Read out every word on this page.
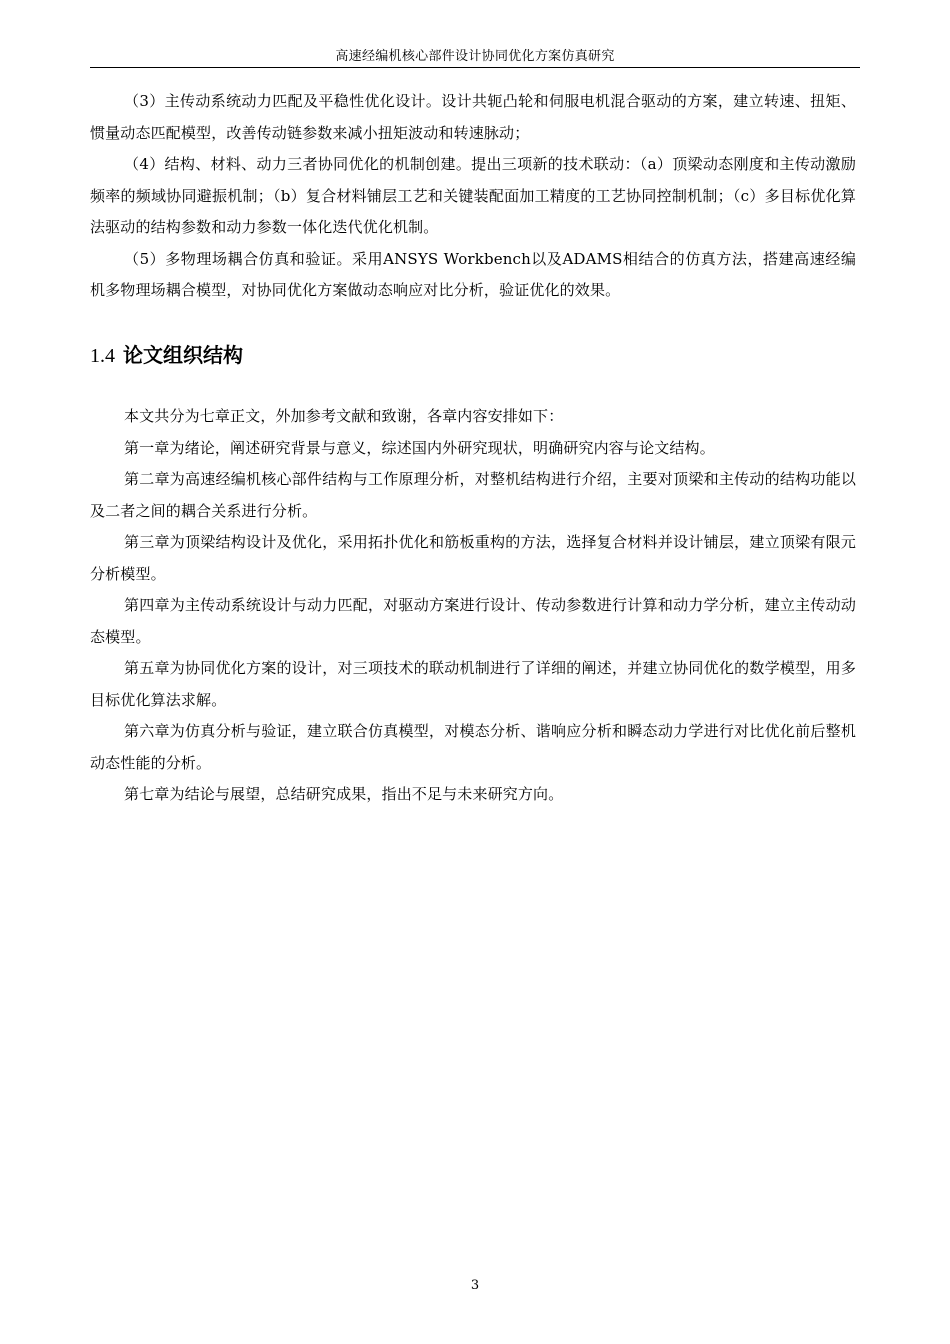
高速经编机核心部件设计协同优化方案仿真研究

（3）主传动系统动力匹配及平稳性优化设计。设计共轭凸轮和伺服电机混合驱动的方案，建立转速、扭矩、惯量动态匹配模型，改善传动链参数来减小扭矩波动和转速脉动；

（4）结构、材料、动力三者协同优化的机制创建。提出三项新的技术联动：（a）顶梁动态刚度和主传动激励频率的频域协同避振机制；（b）复合材料铺层工艺和关键装配面加工精度的工艺协同控制机制；（c）多目标优化算法驱动的结构参数和动力参数一体化迭代优化机制。

（5）多物理场耦合仿真和验证。采用ANSYS Workbench以及ADAMS相结合的仿真方法，搭建高速经编机多物理场耦合模型，对协同优化方案做动态响应对比分析，验证优化的效果。

1.4 论文组织结构

本文共分为七章正文，外加参考文献和致谢，各章内容安排如下：

第一章为绪论，阐述研究背景与意义，综述国内外研究现状，明确研究内容与论文结构。

第二章为高速经编机核心部件结构与工作原理分析，对整机结构进行介绍，主要对顶梁和主传动的结构功能以及二者之间的耦合关系进行分析。

第三章为顶梁结构设计及优化，采用拓扑优化和筋板重构的方法，选择复合材料并设计铺层，建立顶梁有限元分析模型。

第四章为主传动系统设计与动力匹配，对驱动方案进行设计、传动参数进行计算和动力学分析，建立主传动动态模型。

第五章为协同优化方案的设计，对三项技术的联动机制进行了详细的阐述，并建立协同优化的数学模型，用多目标优化算法求解。

第六章为仿真分析与验证，建立联合仿真模型，对模态分析、谐响应分析和瞬态动力学进行对比优化前后整机动态性能的分析。

第七章为结论与展望，总结研究成果，指出不足与未来研究方向。

3
